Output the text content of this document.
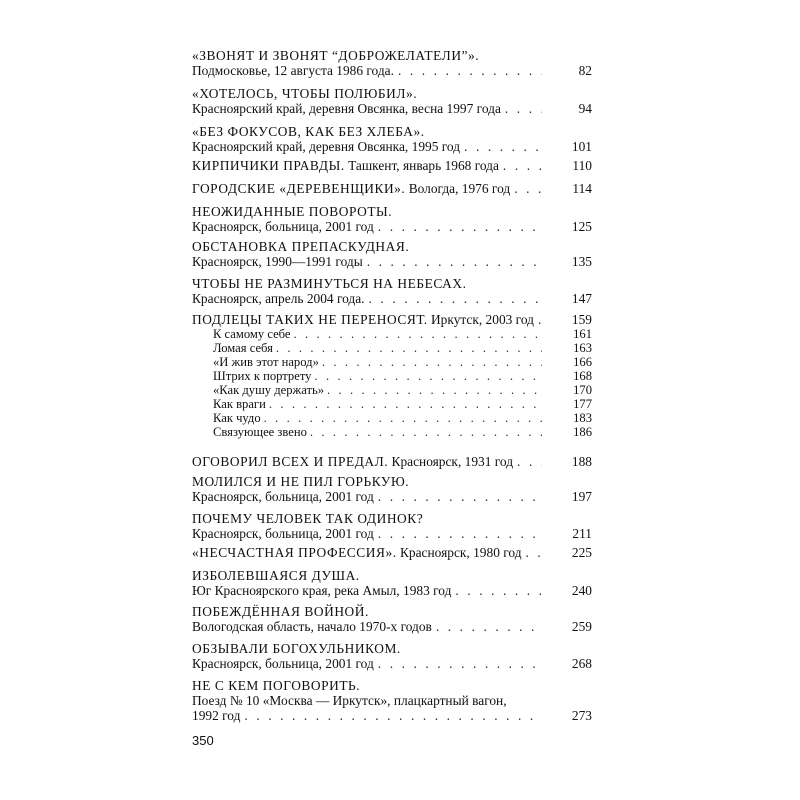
«ЗВОНЯТ И ЗВОНЯТ “ДОБРОЖЕЛАТЕЛИ”».
Подмосковье, 12 августа 1986 года. . . .	82
«ХОТЕЛОСЬ, ЧТОБЫ ПОЛЮБИЛ».
Красноярский край, деревня Овсянка, весна 1997 года . . .	94
«БЕЗ ФОКУСОВ, КАК БЕЗ ХЛЕБА».
Красноярский край, деревня Овсянка, 1995 год . . .	101
КИРПИЧИКИ ПРАВДЫ. Ташкент, январь 1968 года . . .	110
ГОРОДСКИЕ «ДЕРЕВЕНЩИКИ». Вологда, 1976 год . . .	114
НЕОЖИДАННЫЕ ПОВОРОТЫ.
Красноярск, больница, 2001 год . . .	125
ОБСТАНОВКА ПРЕПАСКУДНАЯ.
Красноярск, 1990—1991 годы . . .	135
ЧТОБЫ НЕ РАЗМИНУТЬСЯ НА НЕБЕСАХ.
Красноярск, апрель 2004 года. . . .	147
ПОДЛЕЦЫ ТАКИХ НЕ ПЕРЕНОСЯТ. Иркутск, 2003 год . . .	159
К самому себе . . .	161
Ломая себя . . .	163
«И жив этот народ» . . .	166
Штрих к портрету . . .	168
«Как душу держать» . . .	170
Как враги . . .	177
Как чудо . . .	183
Связующее звено . . .	186
ОГОВОРИЛ ВСЕХ И ПРЕДАЛ. Красноярск, 1931 год . . .	188
МОЛИЛСЯ И НЕ ПИЛ ГОРЬКУЮ.
Красноярск, больница, 2001 год . . .	197
ПОЧЕМУ ЧЕЛОВЕК ТАК ОДИНОК?
Красноярск, больница, 2001 год . . .	211
«НЕСЧАСТНАЯ ПРОФЕССИЯ». Красноярск, 1980 год . . .	225
ИЗБОЛЕВШАЯСЯ ДУША.
Юг Красноярского края, река Амыл, 1983 год . . .	240
ПОБЕЖДЁННАЯ ВОЙНОЙ.
Вологодская область, начало 1970-х годов . . .	259
ОБЗЫВАЛИ БОГОХУЛЬНИКОМ.
Красноярск, больница, 2001 год . . .	268
НЕ С КЕМ ПОГОВОРИТЬ.
Поезд № 10 «Москва — Иркутск», плацкартный вагон,
1992 год . . .	273
350
